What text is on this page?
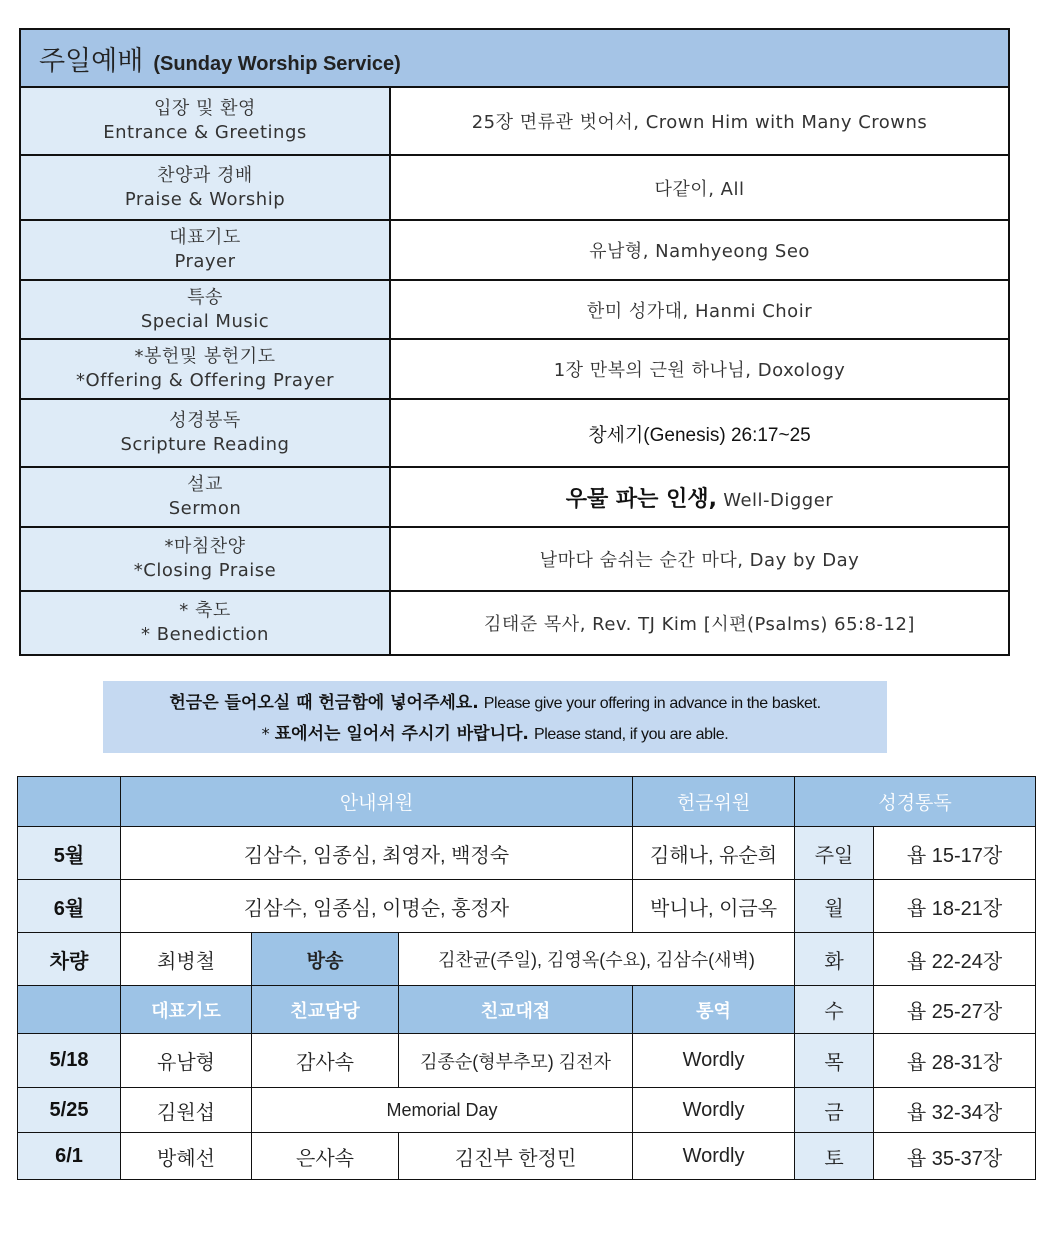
주일예배 (Sunday Worship Service)	

입장 및 환영
Entrance & Greetings	25장 면류관 벗어서, Crown Him with Many Crowns

찬양과 경배
Praise & Worship	다같이, All

대표기도
Prayer	유남형, Namhyeong Seo

특송
Special Music	한미 성가대, Hanmi Choir

*봉헌및 봉헌기도
*Offering & Offering Prayer	1장 만복의 근원 하나님, Doxology

성경봉독
Scripture Reading	창세기(Genesis) 26:17~25

설교
Sermon	우물 파는 인생, Well-Digger

*마침찬양
*Closing Praise	날마다 숨쉬는 순간 마다, Day by Day

* 축도
* Benediction	김태준 목사, Rev. TJ Kim [시편(Psalms) 65:8-12]
헌금은 들어오실 때 헌금함에 넣어주세요. Please give your offering in advance in the basket.
* 표에서는 일어서 주시기 바랍니다. Please stand, if you are able.
	안내위원			헌금위원	성경통독	
5월	김삼수, 임종심, 최영자, 백정숙			김해나, 유순희	주일	욥 15-17장
6월	김삼수, 임종심, 이명순, 홍정자			박니나, 이금옥	월	욥 18-21장
차량	최병철	방송	김찬균(주일), 김영옥(수요), 김삼수(새벽)		화	욥 22-24장
	대표기도	친교담당	친교대접	통역	수	욥 25-27장
5/18	유남형	감사속	김종순(형부추모) 김전자	Wordly	목	욥 28-31장
5/25	김원섭	Memorial Day		Wordly	금	욥 32-34장
6/1	방혜선	은사속	김진부 한정민	Wordly	토	욥 35-37장
